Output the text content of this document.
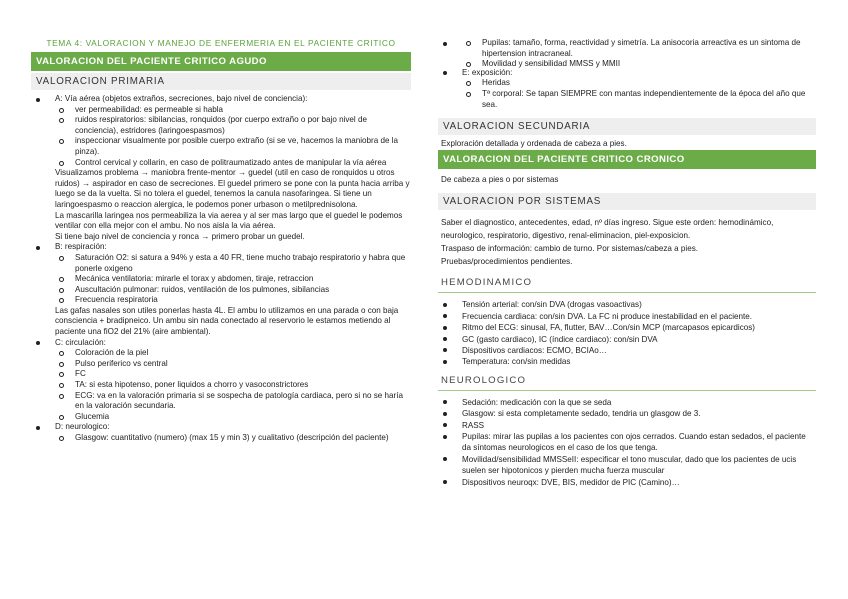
TEMA 4: VALORACION Y MANEJO DE ENFERMERIA EN EL PACIENTE CRITICO
VALORACION DEL PACIENTE CRITICO AGUDO
VALORACION PRIMARIA
A: Vía aérea (objetos extraños, secreciones, bajo nivel de conciencia):
ver permeabilidad: es permeable si habla
ruidos respiratorios: sibilancias, ronquidos (por cuerpo extraño o por bajo nivel de conciencia), estridores (laringoespasmos)
inspeccionar visualmente por posible cuerpo extraño (si se ve, hacemos la maniobra de la pinza).
Control cervical y collarin, en caso de politraumatizado antes de manipular la vía aérea
Visualizamos problema → maniobra frente-mentor → guedel (util en caso de ronquidos u otros ruidos) → aspirador en caso de secreciones. El guedel primero se pone con la punta hacia arriba y luego se da la vuelta. Si no tolera el guedel, tenemos la canula nasofaringea. Si tiene un laringoespasmo o reaccion alergica, le podemos poner urbason o metilprednisolona.
La mascarilla laringea nos permeabiliza la via aerea y al ser mas largo que el guedel le podemos ventilar con ella mejor con el ambu. No nos aisla la via aérea.
Si tiene bajo nivel de conciencia y ronca → primero probar un guedel.
B: respiración:
Saturación O2: si satura a 94% y esta a 40 FR, tiene mucho trabajo respiratorio y habra que ponerle oxigeno
Mecánica ventilatoria: mirarle el torax y abdomen, tiraje, retraccion
Auscultación pulmonar: ruidos, ventilación de los pulmones, sibilancias
Frecuencia respiratoria
Las gafas nasales son utiles ponerlas hasta 4L. El ambu lo utilizamos en una parada o con baja consciencia + bradipneico. Un ambu sin nada conectado al reservorio le estamos metiendo al paciente una fiO2 del 21% (aire ambiental).
C: circulación:
Coloración de la piel
Pulso periferico vs central
FC
TA: si esta hipotenso, poner liquidos a chorro y vasoconstrictores
ECG: va en la valoración primaria si se sospecha de patología cardiaca, pero si no se haría en la valoración secundaria.
Glucemia
D: neurologico:
Glasgow: cuantitativo (numero) (max 15 y min 3) y cualitativo (descripción del paciente)
Pupilas: tamaño, forma, reactividad y simetría. La anisocoria arreactiva es un sintoma de hipertension intracraneal.
Movilidad y sensibilidad MMSS y MMII
E: exposición:
Heridas
Tª corporal: Se tapan SIEMPRE con mantas independientemente de la época del año que sea.
VALORACION SECUNDARIA
Exploración detallada y ordenada de cabeza a pies.
VALORACION DEL PACIENTE CRITICO CRONICO
De cabeza a pies o por sistemas
VALORACION POR SISTEMAS
Saber el diagnostico, antecedentes, edad, nº días ingreso. Sigue este orden: hemodinámico, neurologico, respiratorio, digestivo, renal-eliminacion, piel-exposicion.
Traspaso de información: cambio de turno. Por sistemas/cabeza a pies.
Pruebas/procedimientos pendientes.
HEMODINAMICO
Tensión arterial: con/sin DVA (drogas vasoactivas)
Frecuencia cardiaca: con/sin DVA. La FC ni produce inestabilidad en el paciente.
Ritmo del ECG: sinusal, FA, flutter, BAV…Con/sin MCP (marcapasos epicardicos)
GC (gasto cardiaco), IC (índice cardiaco): con/sin DVA
Dispositivos cardiacos: ECMO, BCIAo…
Temperatura: con/sin medidas
NEUROLOGICO
Sedación: medicación con la que se seda
Glasgow: si esta completamente sedado, tendria un glasgow de 3.
RASS
Pupilas: mirar las pupilas a los pacientes con ojos cerrados. Cuando estan sedados, el paciente da síntomas neurologicos en el caso de los que tenga.
Movilidad/sensibilidad MMSSeII: especificar el tono muscular, dado que los pacientes de ucis suelen ser hipotonicos y pierden mucha fuerza muscular
Dispositivos neuroqx: DVE, BIS, medidor de PIC (Camino)…
